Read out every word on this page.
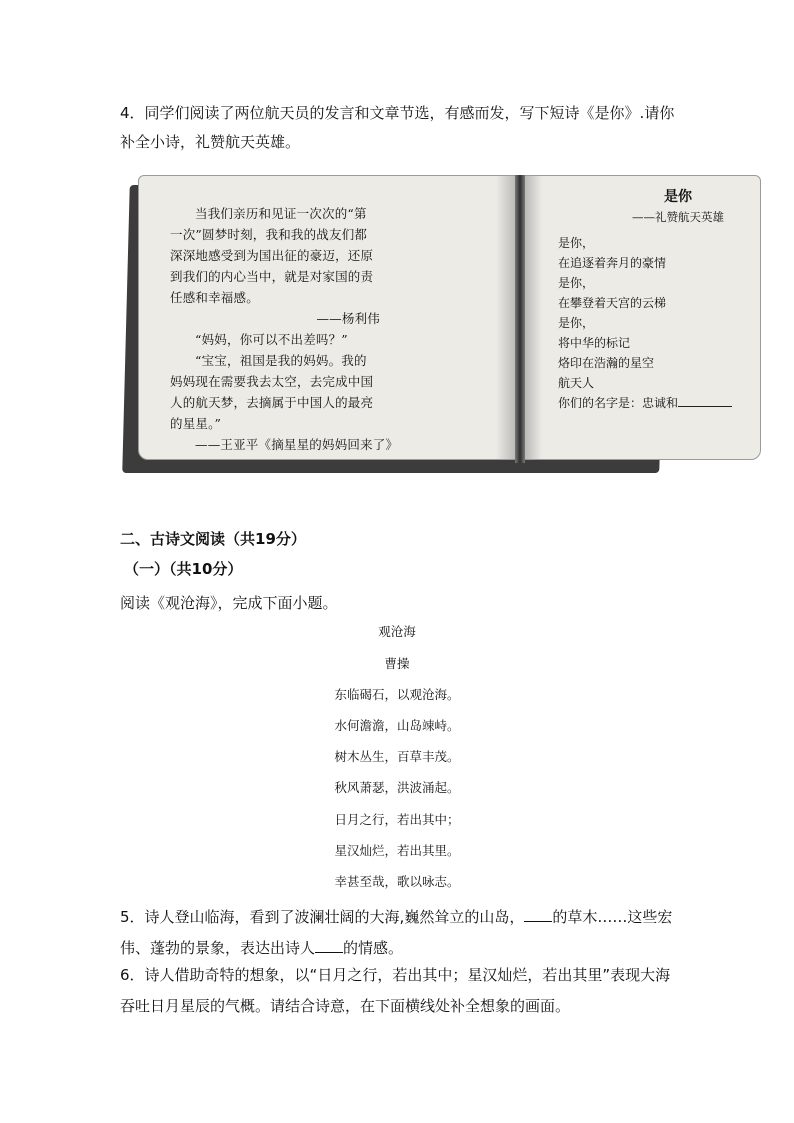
4．同学们阅读了两位航天员的发言和文章节选，有感而发，写下短诗《是你》.请你补全小诗，礼赞航天英雄。

当我们亲历和见证一次次的“第一次”圆梦时刻，我和我的战友们都深深地感受到为国出征的豪迈，还原到我们的内心当中，就是对家国的责任感和幸福感。

——杨利伟

“妈妈，你可以不出差吗？”

“宝宝，祖国是我的妈妈。我的妈妈现在需要我去太空，去完成中国人的航天梦，去摘属于中国人的最亮的星星。”

——王亚平《摘星星的妈妈回来了》

是你
——礼赞航天英雄
是你，
在追逐着奔月的豪情
是你，
在攀登着天宫的云梯
是你，
将中华的标记
烙印在浩瀚的星空
航天人
你们的名字是：忠诚和
二、古诗文阅读（共19分）
（一）（共10分）
阅读《观沧海》，完成下面小题。
观沧海
曹操
东临碣石，以观沧海。
水何澹澹，山岛竦峙。
树木丛生，百草丰茂。
秋风萧瑟，洪波涌起。
日月之行，若出其中；
星汉灿烂，若出其里。
幸甚至哉，歌以咏志。
5．诗人登山临海，看到了波澜壮阔的大海,巍然耸立的山岛， 的草木……这些宏伟、蓬勃的景象，表达出诗人 的情感。
6．诗人借助奇特的想象，以“日月之行，若出其中；星汉灿烂，若出其里”表现大海吞吐日月星辰的气概。请结合诗意，在下面横线处补全想象的画面。
